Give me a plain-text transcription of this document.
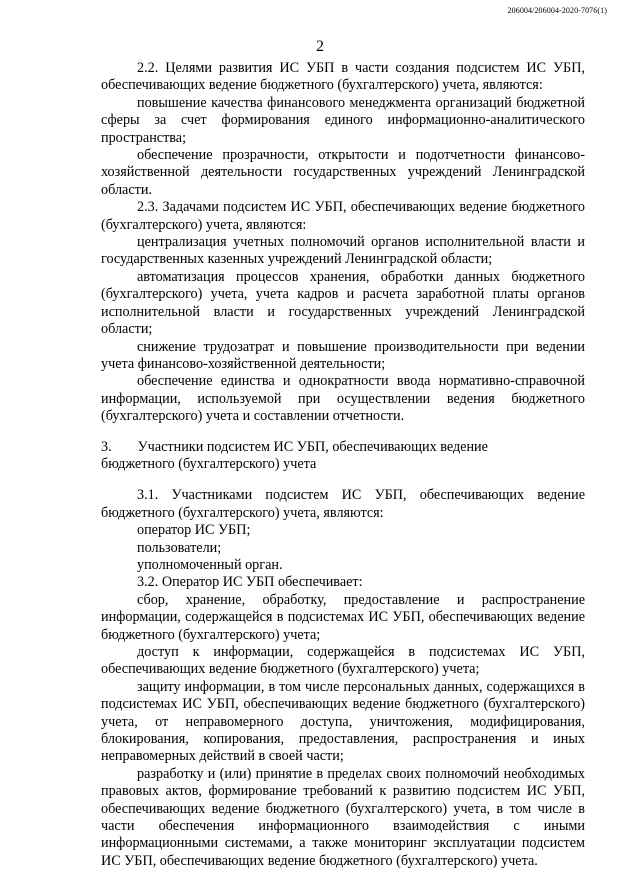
206004/206004-2020-7076(1)
2

2.2. Целями развития ИС УБП в части создания подсистем ИС УБП, обеспечивающих ведение бюджетного (бухгалтерского) учета, являются:

повышение качества финансового менеджмента организаций бюджетной сферы за счет формирования единого информационно-аналитического пространства;

обеспечение прозрачности, открытости и подотчетности финансово-хозяйственной деятельности государственных учреждений Ленинградской области.

2.3. Задачами подсистем ИС УБП, обеспечивающих ведение бюджетного (бухгалтерского) учета, являются:

централизация учетных полномочий органов исполнительной власти и государственных казенных учреждений Ленинградской области;

автоматизация процессов хранения, обработки данных бюджетного (бухгалтерского) учета, учета кадров и расчета заработной платы органов исполнительной власти и государственных учреждений Ленинградской области;

снижение трудозатрат и повышение производительности при ведении учета финансово-хозяйственной деятельности;

обеспечение единства и однократности ввода нормативно-справочной информации, используемой при осуществлении ведения бюджетного (бухгалтерского) учета и составлении отчетности.

3. Участники подсистем ИС УБП, обеспечивающих ведение
бюджетного (бухгалтерского) учета

3.1. Участниками подсистем ИС УБП, обеспечивающих ведение бюджетного (бухгалтерского) учета, являются:

оператор ИС УБП;

пользователи;

уполномоченный орган.

3.2. Оператор ИС УБП обеспечивает:

сбор, хранение, обработку, предоставление и распространение информации, содержащейся в подсистемах ИС УБП, обеспечивающих ведение бюджетного (бухгалтерского) учета;

доступ к информации, содержащейся в подсистемах ИС УБП, обеспечивающих ведение бюджетного (бухгалтерского) учета;

защиту информации, в том числе персональных данных, содержащихся в подсистемах ИС УБП, обеспечивающих ведение бюджетного (бухгалтерского) учета, от неправомерного доступа, уничтожения, модифицирования, блокирования, копирования, предоставления, распространения и иных неправомерных действий в своей части;

разработку и (или) принятие в пределах своих полномочий необходимых правовых актов, формирование требований к развитию подсистем ИС УБП, обеспечивающих ведение бюджетного (бухгалтерского) учета, в том числе в части обеспечения информационного взаимодействия с иными информационными системами, а также мониторинг эксплуатации подсистем ИС УБП, обеспечивающих ведение бюджетного (бухгалтерского) учета.
